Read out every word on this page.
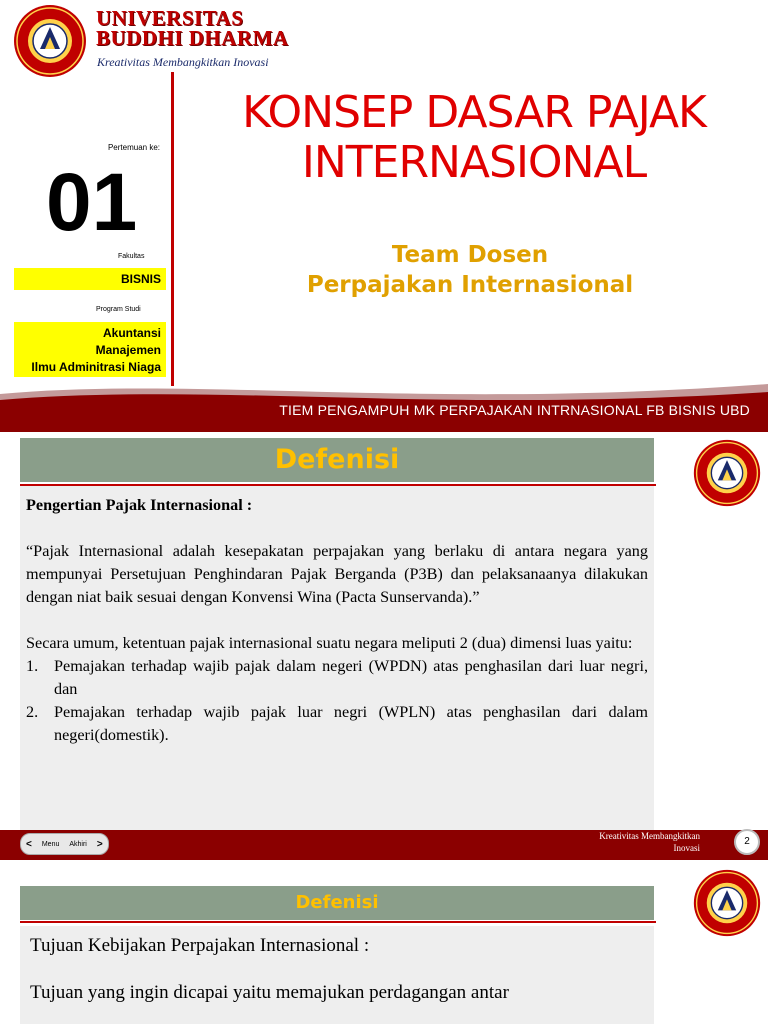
UNIVERSITAS
BUDDHI DHARMA
Kreativitas Membangkitkan Inovasi
Pertemuan ke:
01
Fakultas
BISNIS
Program Studi
Akuntansi
Manajemen
Ilmu Adminitrasi Niaga
KONSEP DASAR PAJAK
INTERNASIONAL
Team Dosen
Perpajakan Internasional
TIEM PENGAMPUH MK PERPAJAKAN INTRNASIONAL FB BISNIS UBD
Defenisi

Pengertian Pajak Internasional :

“Pajak Internasional adalah kesepakatan perpajakan yang berlaku di antara negara yang mempunyai Persetujuan Penghindaran Pajak Berganda (P3B) dan pelaksanaanya dilakukan dengan niat baik sesuai dengan Konvensi Wina (Pacta Sunservanda).”

Secara umum, ketentuan pajak internasional suatu negara meliputi 2 (dua) dimensi luas yaitu:

1. Pemajakan terhadap wajib pajak dalam negeri (WPDN) atas penghasilan dari luar negri, dan
2. Pemajakan terhadap wajib pajak luar negri (WPLN) atas penghasilan dari dalam negeri(domestik).
<	Menu	Akhiri	>
Kreativitas Membangkitkan
Inovasi
2
Defenisi

Tujuan Kebijakan Perpajakan Internasional :

Tujuan yang ingin dicapai yaitu memajukan perdagangan antar
